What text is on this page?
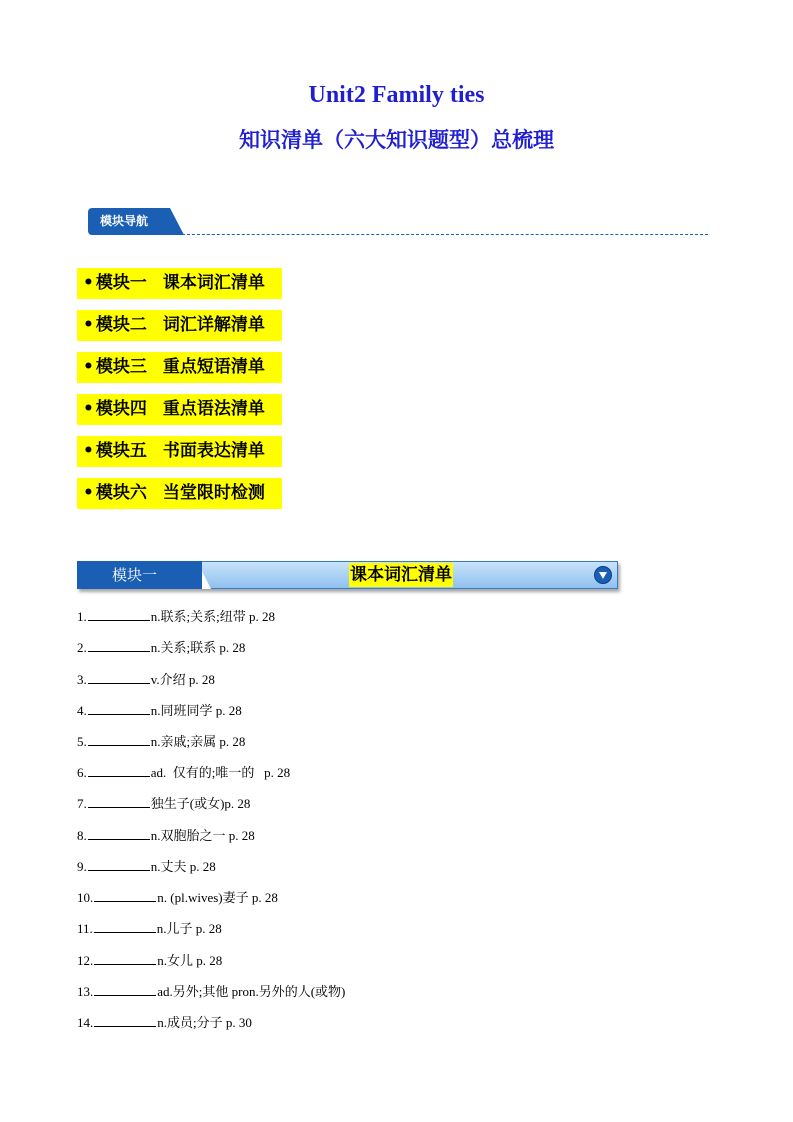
Unit2 Family ties
知识清单（六大知识题型）总梳理
模块导航
• 模块一 课本词汇清单
• 模块二 词汇详解清单
• 模块三 重点短语清单
• 模块四 重点语法清单
• 模块五 书面表达清单
• 模块六 当堂限时检测
模块一	课本词汇清单
1.	n.联系;关系;纽带 p. 28
2.	n.关系;联系 p. 28
3.	v.介绍 p. 28
4.	n.同班同学 p. 28
5.	n.亲戚;亲属 p. 28
6.	ad.  仅有的;唯一的   p. 28
7.	独生子(或女)p. 28
8.	n.双胞胎之一 p. 28
9.	n.丈夫 p. 28
10.	n. (pl.wives)妻子 p. 28
11.	n.儿子 p. 28
12.	n.女儿 p. 28
13.	ad.另外;其他 pron.另外的人(或物)
14.	n.成员;分子 p. 30
